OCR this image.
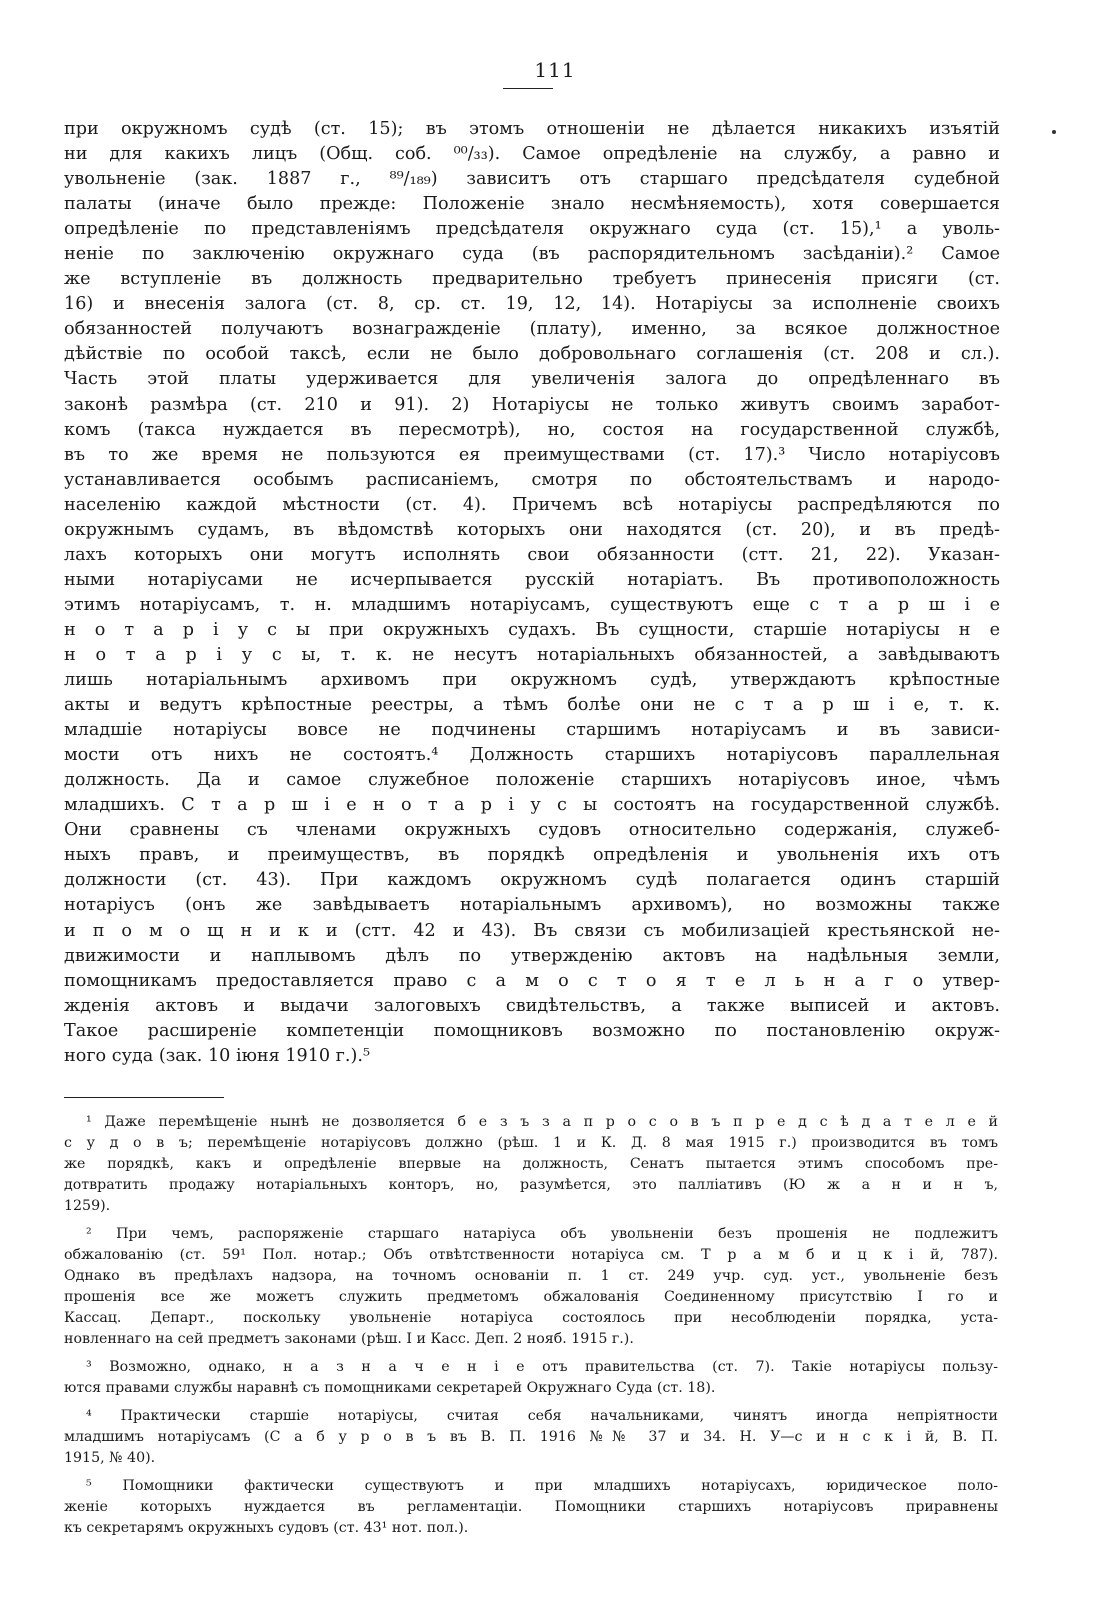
111
при окружномъ судѣ (ст. 15); въ этомъ отношеніи не дѣлается никакихъ изъятій
ни для какихъ лицъ (Общ. соб. ⁰⁰/₃₃). Самое опредѣленіе на службу, а равно и
увольненіе (зак. 1887 г., ⁸⁹/₁₈₉) зависитъ отъ старшаго предсѣдателя судебной
палаты (иначе было прежде: Положеніе знало несмѣняемость), хотя совершается
опредѣленіе по представленіямъ предсѣдателя окружнаго суда (ст. 15),¹ а уволь-
неніе по заключенію окружнаго суда (въ распорядительномъ засѣданіи).² Самое
же вступленіе въ должность предварительно требуетъ принесенія присяги (ст.
16) и внесенія залога (ст. 8, ср. ст. 19, 12, 14). Нотаріусы за исполненіе своихъ
обязанностей получаютъ вознагражденіе (плату), именно, за всякое должностное
дѣйствіе по особой таксѣ, если не было добровольнаго соглашенія (ст. 208 и сл.).
Часть этой платы удерживается для увеличенія залога до опредѣленнаго въ
законѣ размѣра (ст. 210 и 91). 2) Нотаріусы не только живутъ своимъ заработ-
комъ (такса нуждается въ пересмотрѣ), но, состоя на государственной службѣ,
въ то же время не пользуются ея преимуществами (ст. 17).³ Число нотаріусовъ
устанавливается особымъ расписаніемъ, смотря по обстоятельствамъ и народо-
населенію каждой мѣстности (ст. 4). Причемъ всѣ нотаріусы распредѣляются по
окружнымъ судамъ, въ вѣдомствѣ которыхъ они находятся (ст. 20), и въ предѣ-
лахъ которыхъ они могутъ исполнять свои обязанности (стт. 21, 22). Указан-
ными нотаріусами не исчерпывается русскій нотаріатъ. Въ противоположность
этимъ нотаріусамъ, т. н. младшимъ нотаріусамъ, существуютъ еще с т а р ш і е
н о т а р і у с ы при окружныхъ судахъ. Въ сущности, старшіе нотаріусы н е
н о т а р і у с ы, т. к. не несутъ нотаріальныхъ обязанностей, а завѣдываютъ
лишь нотаріальнымъ архивомъ при окружномъ судѣ, утверждаютъ крѣпостные
акты и ведутъ крѣпостные реестры, а тѣмъ болѣе они не с т а р ш і е, т. к.
младшіе нотаріусы вовсе не подчинены старшимъ нотаріусамъ и въ зависи-
мости отъ нихъ не состоятъ.⁴ Должность старшихъ нотаріусовъ параллельная
должность. Да и самое служебное положеніе старшихъ нотаріусовъ иное, чѣмъ
младшихъ. С т а р ш і е н о т а р і у с ы состоятъ на государственной службѣ.
Они сравнены съ членами окружныхъ судовъ относительно содержанія, служеб-
ныхъ правъ, и преимуществъ, въ порядкѣ опредѣленія и увольненія ихъ отъ
должности (ст. 43). При каждомъ окружномъ судѣ полагается одинъ старшій
нотаріусъ (онъ же завѣдываетъ нотаріальнымъ архивомъ), но возможны также
и п о м о щ н и к и (стт. 42 и 43). Въ связи съ мобилизаціей крестьянской не-
движимости и наплывомъ дѣлъ по утвержденію актовъ на надѣльныя земли,
помощникамъ предоставляется право с а м о с т о я т е л ь н а г о утвер-
жденія актовъ и выдачи залоговыхъ свидѣтельствъ, а также выписей и актовъ.
Такое расширеніе компетенціи помощниковъ возможно по постановленію окруж-
ного суда (зак. 10 іюня 1910 г.).⁵
¹ Даже перемѣщеніе нынѣ не дозволяется б е з ъ з а п р о с о в ъ п р е д с ѣ д а т е л е й
с у д о в ъ; перемѣщеніе нотаріусовъ должно (рѣш. 1 и К. Д. 8 мая 1915 г.) производится въ томъ
же порядкѣ, какъ и опредѣленіе впервые на должность, Сенатъ пытается этимъ способомъ пре-
дотвратить продажу нотаріальныхъ конторъ, но, разумѣется, это палліативъ (Ю ж а н и н ъ,
1259).
² При чемъ, распоряженіе старшаго натаріуса объ увольненіи безъ прошенія не подлежитъ
обжалованію (ст. 59¹ Пол. нотар.; Объ отвѣтственности нотаріуса см. Т р а м б и ц к і й, 787).
Однако въ предѣлахъ надзора, на точномъ основаніи п. 1 ст. 249 учр. суд. уст., увольненіе безъ
прошенія все же можетъ служить предметомъ обжалованія Соединенному присутствію I го и
Кассац. Департ., поскольку увольненіе нотаріуса состоялось при несоблюденіи порядка, уста-
новленнаго на сей предметъ законами (рѣш. I и Касс. Деп. 2 нояб. 1915 г.).
³ Возможно, однако, н а з н а ч е н і е отъ правительства (ст. 7). Такіе нотаріусы пользу-
ются правами службы наравнѣ съ помощниками секретарей Окружнаго Суда (ст. 18).
⁴ Практически старшіе нотаріусы, считая себя начальниками, чинятъ иногда непріятности
младшимъ нотаріусамъ (С а б у р о в ъ въ В. П. 1916 №№ 37 и 34. Н. У—с и н с к і й, В. П.
1915, № 40).
⁵ Помощники фактически существуютъ и при младшихъ нотаріусахъ, юридическое поло-
женіе которыхъ нуждается въ регламентаціи. Помощники старшихъ нотаріусовъ приравнены
къ секретарямъ окружныхъ судовъ (ст. 43¹ нот. пол.).
